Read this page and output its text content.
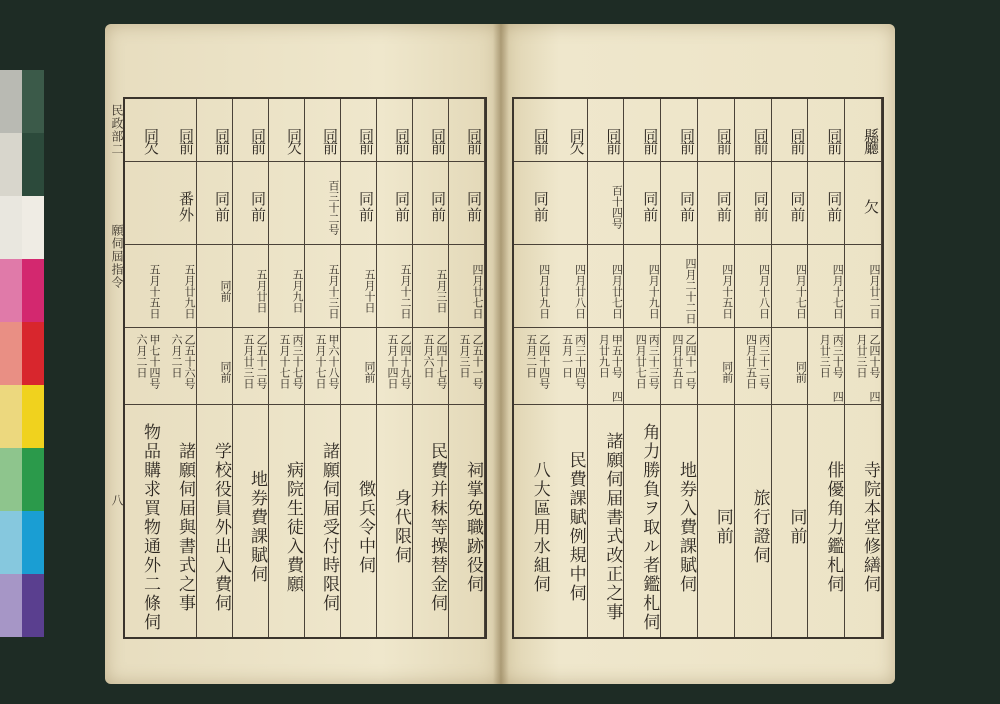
民政部二
願伺屆指令
八
同
前
同
前
四月廿七日
乙五十一号 五月三日
祠掌免職跡役伺
同
前
同
前
五月三日
乙四十七号 五月六日
民費并秣等操替金伺
同
前
同
前
五月十二日
乙四十九号 五月十四日
身代限伺
同
前
同
前
五月十日
同前
徴兵令中伺
同
前
百三十二号
五月十三日
甲六十八号 五月十七日
諸願伺届受付時限伺
同
欠
五月九日
丙三十七号 五月十七日
病院生徒入費願
同
前
同
前
五月廿日
乙五十二号 五月廿三日
地券費課賦伺
同
前
同
前
同前
同前
学校役員外出入費伺
同
前
番外
五月廿九日
乙五十六号 六月二日
諸願伺届與書式之事
同
欠
五月十五日
甲七十四号 六月二日
物品購求買物通外二條伺
縣
廳
欠
四月廿二日
乙四十号 四月廿三日
寺院本堂修繕伺
同
前
同
前
四月十七日
丙三十号 四月廿三日
俳優角力鑑札伺
同
前
同
前
四月十七日
同前
同前
同
前
同
前
四月十八日
丙三十二号 四月廿五日
旅行證伺
同
前
同
前
四月十五日
同前
同前
同
前
同
前
四月二十二日
乙四十一号 四月廿五日
地券入費課賦伺
同
前
同
前
四月十九日
丙三十三号 四月廿七日
角力勝負ヲ取ル者鑑札伺
同
前
百十四号
四月廿七日
甲五十号 四月廿九日
諸願伺届書式改正之事
同
欠
四月廿八日
丙三十四号 五月一日
民費課賦例規中伺
同
前
同
前
四月廿九日
乙四十四号 五月二日
八大區用水組伺
